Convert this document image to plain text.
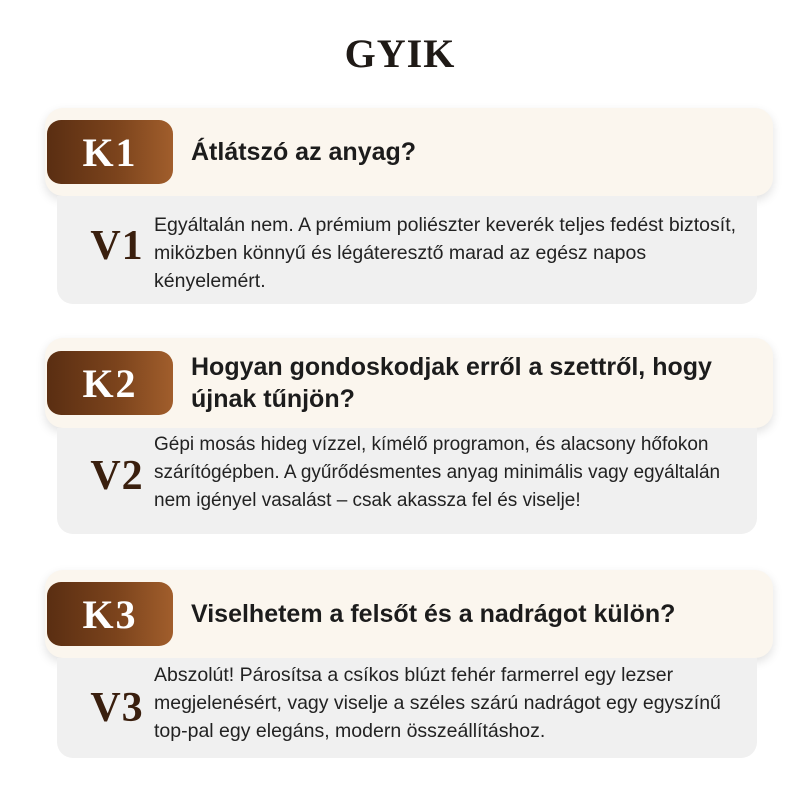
GYIK
K1	Átlátszó az anyag?
V1 Egyáltalán nem. A prémium poliészter keverék teljes fedést biztosít, miközben könnyű és légáteresztő marad az egész napos kényelemért.
K2	Hogyan gondoskodjak erről a szettről, hogy újnak tűnjön?
V2
Gépi mosás hideg vízzel, kímélő programon, és alacsony hőfokon szárítógépben. A gyűrődésmentes anyag minimális vagy egyáltalán nem igényel vasalást – csak akassza fel és viselje!
K3	Viselhetem a felsőt és a nadrágot külön?
V3
Abszolút! Párosítsa a csíkos blúzt fehér farmerrel egy lezser megjelenésért, vagy viselje a széles szárú nadrágot egy egyszínű top-pal egy elegáns, modern összeállításhoz.
